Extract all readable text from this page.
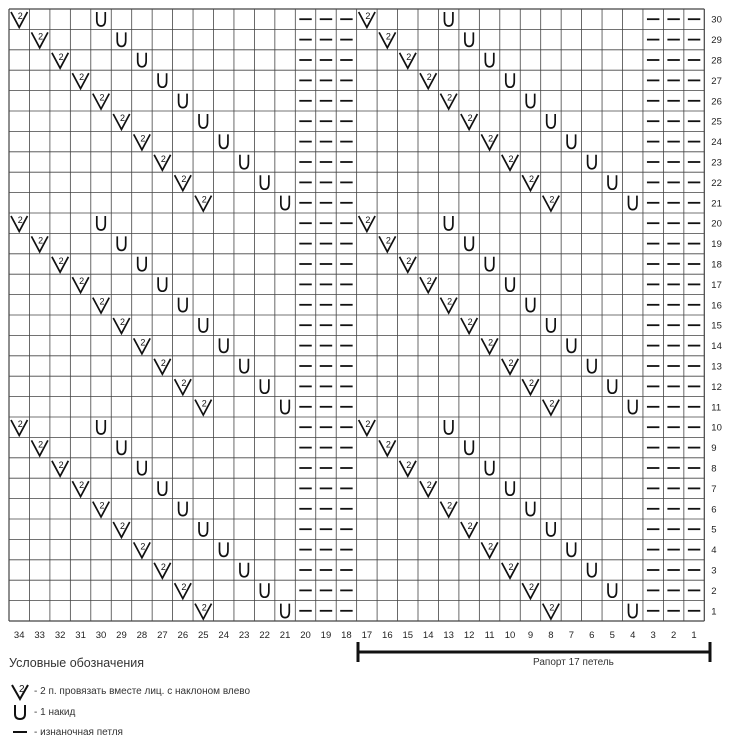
2
2
2
2
2
2
2
2
2
2
2
2
2
2
2
2
2
2
2
2
2
2
2
2
2
2
2
2
2
2
2
2
2
2
2
2
2
2
2
2
2
2
2
2
2
2
2
2
2
2
2
2
2
2
2
2
2
2
2
2
34 33 32 31 30 29 28 27 26 25 24 23 22 21 20 19 18 17 16 15 14 13 12 11 10 9 8 7 6 5 4 3 2 1
30
29
28
27
26
25
24
23
22
21
20
19
18
17
16
15
14
13
12
11
10
9
8
7
6
5
4
3
2
1
Рапорт 17 петель
Условные обозначения
2 - 2 п. провязать вместе лиц. с наклоном влево
- 1 накид
- изнаночная петля
